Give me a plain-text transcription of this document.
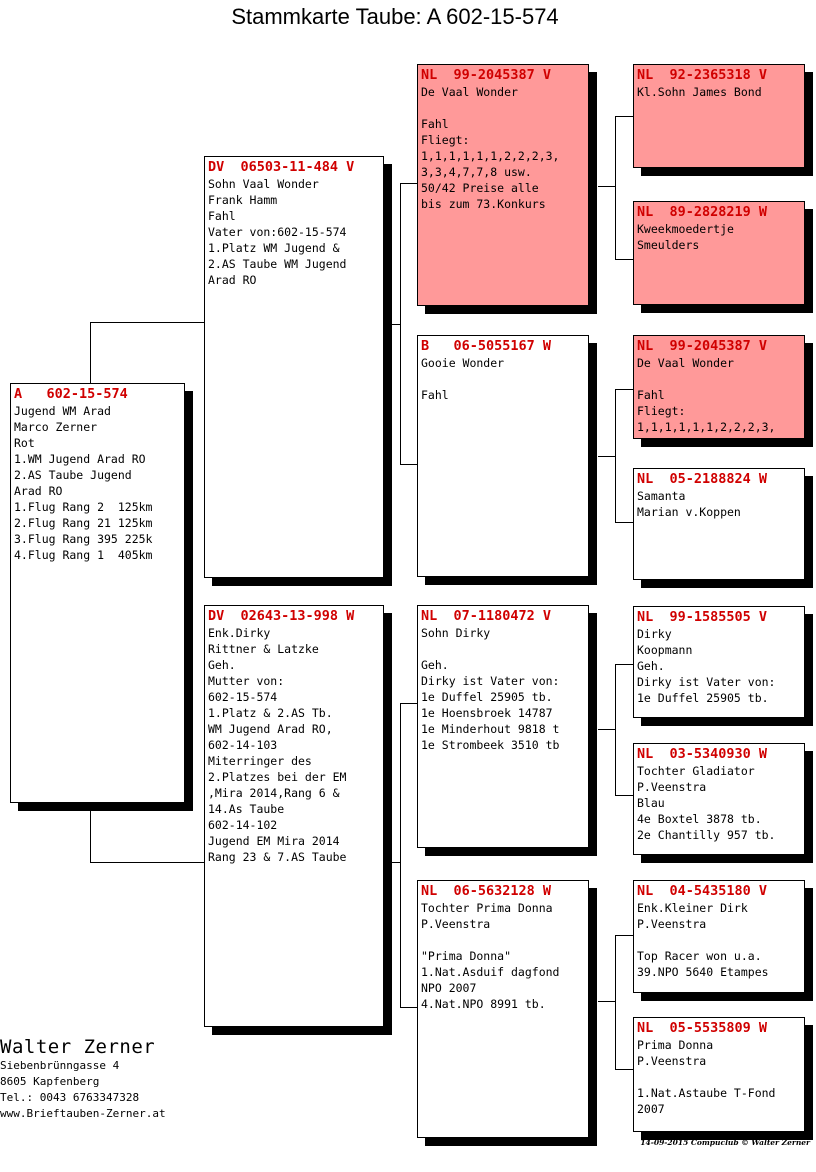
Stammkarte Taube: A 602-15-574
A   602-15-574
Jugend WM Arad
Marco Zerner
Rot
1.WM Jugend Arad RO
2.AS Taube Jugend
Arad RO
1.Flug Rang 2  125km
2.Flug Rang 21 125km
3.Flug Rang 395 225k
4.Flug Rang 1  405km
DV  06503-11-484 V
Sohn Vaal Wonder
Frank Hamm
Fahl
Vater von:602-15-574
1.Platz WM Jugend &
2.AS Taube WM Jugend
Arad RO
DV  02643-13-998 W
Enk.Dirky
Rittner & Latzke
Geh.
Mutter von:
602-15-574
1.Platz & 2.AS Tb.
WM Jugend Arad RO,
602-14-103
Miterringer des
2.Platzes bei der EM
,Mira 2014,Rang 6 &
14.As Taube
602-14-102
Jugend EM Mira 2014
Rang 23 & 7.AS Taube
NL  99-2045387 V
De Vaal Wonder
Fahl
Fliegt:
1,1,1,1,1,1,2,2,2,3,
3,3,4,7,7,8 usw.
50/42 Preise alle
bis zum 73.Konkurs
B   06-5055167 W
Gooie Wonder
Fahl
NL  07-1180472 V
Sohn Dirky
Geh.
Dirky ist Vater von:
1e Duffel 25905 tb.
1e Hoensbroek 14787
1e Minderhout 9818 t
1e Strombeek 3510 tb
NL  06-5632128 W
Tochter Prima Donna
P.Veenstra
"Prima Donna"
1.Nat.Asduif dagfond
NPO 2007
4.Nat.NPO 8991 tb.
NL  92-2365318 V
Kl.Sohn James Bond
NL  89-2828219 W
Kweekmoedertje
Smeulders
NL  99-2045387 V
De Vaal Wonder
Fahl
Fliegt:
1,1,1,1,1,1,2,2,2,3,
NL  05-2188824 W
Samanta
Marian v.Koppen
NL  99-1585505 V
Dirky
Koopmann
Geh.
Dirky ist Vater von:
1e Duffel 25905 tb.
NL  03-5340930 W
Tochter Gladiator
P.Veenstra
Blau
4e Boxtel 3878 tb.
2e Chantilly 957 tb.
NL  04-5435180 V
Enk.Kleiner Dirk
P.Veenstra
Top Racer won u.a.
39.NPO 5640 Etampes
NL  05-5535809 W
Prima Donna
P.Veenstra
1.Nat.Astaube T-Fond
2007
Walter Zerner
Siebenbrünngasse 4
8605 Kapfenberg
Tel.: 0043 6763347328
www.Brieftauben-Zerner.at
14-09-2015 Compuclub © Walter Zerner
